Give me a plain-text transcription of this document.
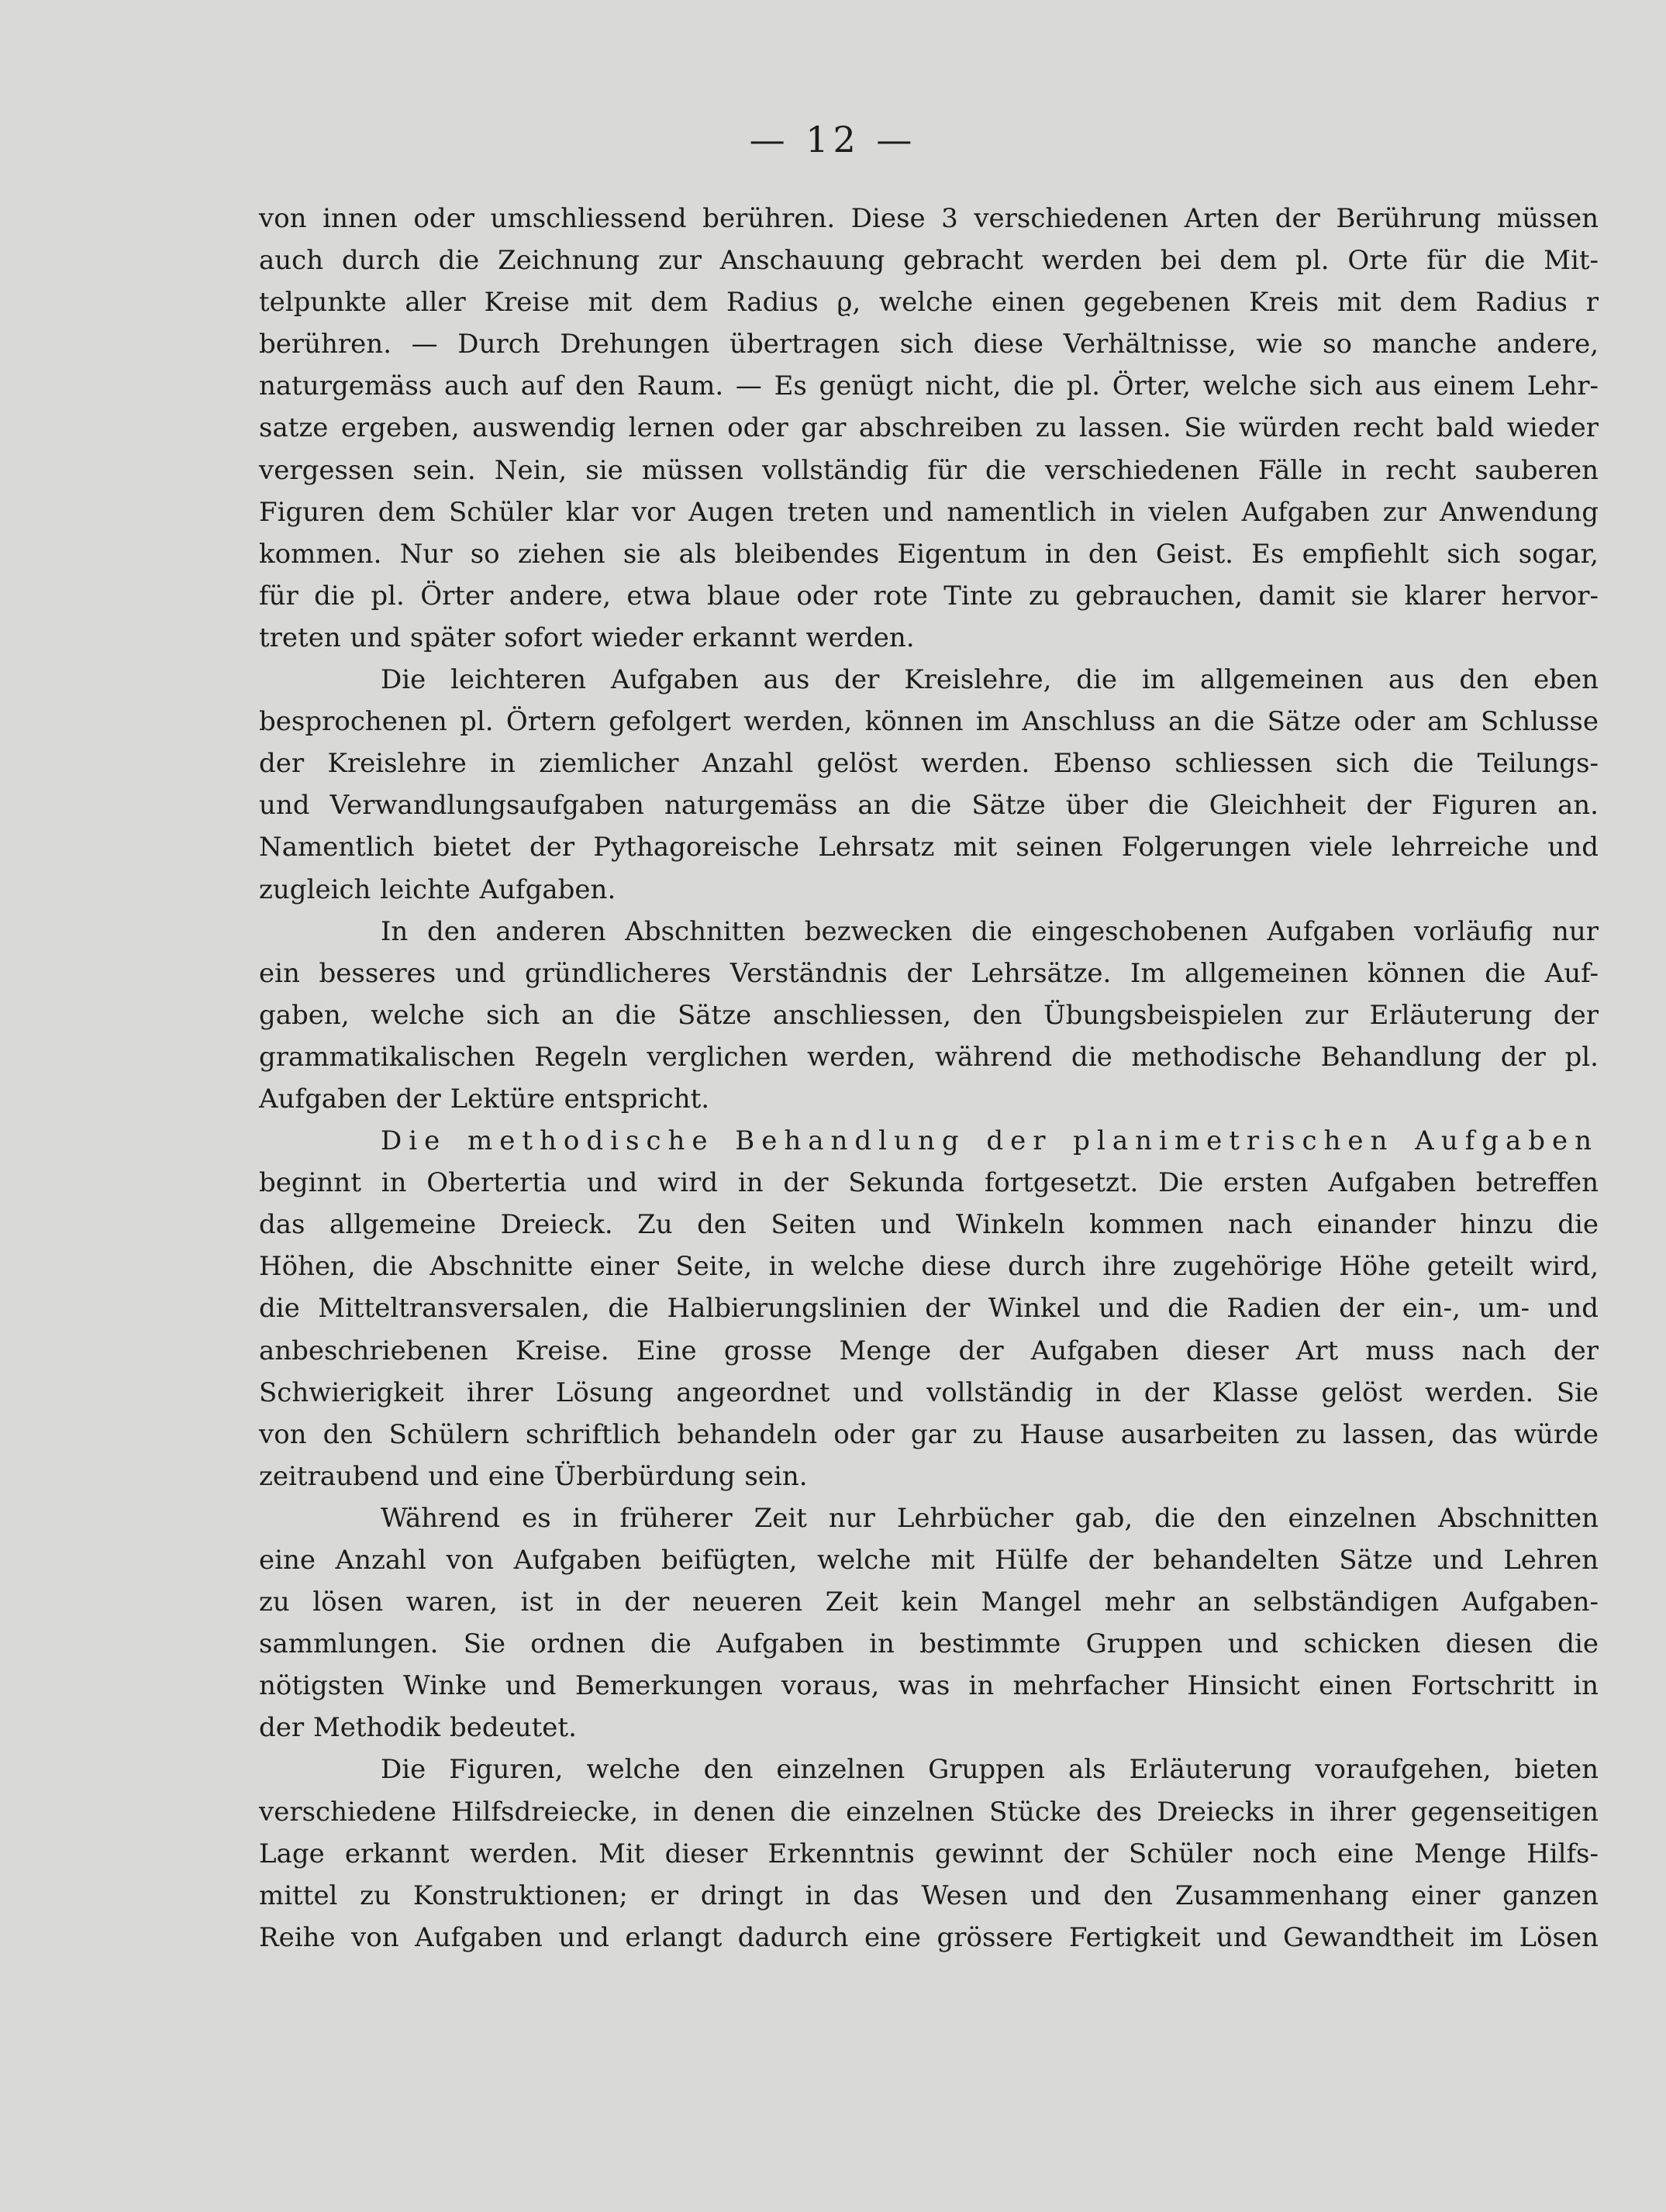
— 12 —
von innen oder umschliessend berühren. Diese 3 verschiedenen Arten der Berührung müssen
auch durch die Zeichnung zur Anschauung gebracht werden bei dem pl. Orte für die Mit-
telpunkte aller Kreise mit dem Radius ϱ, welche einen gegebenen Kreis mit dem Radius r
berühren. — Durch Drehungen übertragen sich diese Verhältnisse, wie so manche andere,
naturgemäss auch auf den Raum. — Es genügt nicht, die pl. Örter, welche sich aus einem Lehr-
satze ergeben, auswendig lernen oder gar abschreiben zu lassen. Sie würden recht bald wieder
vergessen sein. Nein, sie müssen vollständig für die verschiedenen Fälle in recht sauberen
Figuren dem Schüler klar vor Augen treten und namentlich in vielen Aufgaben zur Anwendung
kommen. Nur so ziehen sie als bleibendes Eigentum in den Geist. Es empfiehlt sich sogar,
für die pl. Örter andere, etwa blaue oder rote Tinte zu gebrauchen, damit sie klarer hervor-
treten und später sofort wieder erkannt werden.
Die leichteren Aufgaben aus der Kreislehre, die im allgemeinen aus den eben
besprochenen pl. Örtern gefolgert werden, können im Anschluss an die Sätze oder am Schlusse
der Kreislehre in ziemlicher Anzahl gelöst werden. Ebenso schliessen sich die Teilungs-
und Verwandlungsaufgaben naturgemäss an die Sätze über die Gleichheit der Figuren an.
Namentlich bietet der Pythagoreische Lehrsatz mit seinen Folgerungen viele lehrreiche und
zugleich leichte Aufgaben.
In den anderen Abschnitten bezwecken die eingeschobenen Aufgaben vorläufig nur
ein besseres und gründlicheres Verständnis der Lehrsätze. Im allgemeinen können die Auf-
gaben, welche sich an die Sätze anschliessen, den Übungsbeispielen zur Erläuterung der
grammatikalischen Regeln verglichen werden, während die methodische Behandlung der pl.
Aufgaben der Lektüre entspricht.
Die methodische Behandlung der planimetrischen Aufgaben
beginnt in Obertertia und wird in der Sekunda fortgesetzt. Die ersten Aufgaben betreffen
das allgemeine Dreieck. Zu den Seiten und Winkeln kommen nach einander hinzu die
Höhen, die Abschnitte einer Seite, in welche diese durch ihre zugehörige Höhe geteilt wird,
die Mitteltransversalen, die Halbierungslinien der Winkel und die Radien der ein-, um- und
anbeschriebenen Kreise. Eine grosse Menge der Aufgaben dieser Art muss nach der
Schwierigkeit ihrer Lösung angeordnet und vollständig in der Klasse gelöst werden. Sie
von den Schülern schriftlich behandeln oder gar zu Hause ausarbeiten zu lassen, das würde
zeitraubend und eine Überbürdung sein.
Während es in früherer Zeit nur Lehrbücher gab, die den einzelnen Abschnitten
eine Anzahl von Aufgaben beifügten, welche mit Hülfe der behandelten Sätze und Lehren
zu lösen waren, ist in der neueren Zeit kein Mangel mehr an selbständigen Aufgaben-
sammlungen. Sie ordnen die Aufgaben in bestimmte Gruppen und schicken diesen die
nötigsten Winke und Bemerkungen voraus, was in mehrfacher Hinsicht einen Fortschritt in
der Methodik bedeutet.
Die Figuren, welche den einzelnen Gruppen als Erläuterung voraufgehen, bieten
verschiedene Hilfsdreiecke, in denen die einzelnen Stücke des Dreiecks in ihrer gegenseitigen
Lage erkannt werden. Mit dieser Erkenntnis gewinnt der Schüler noch eine Menge Hilfs-
mittel zu Konstruktionen; er dringt in das Wesen und den Zusammenhang einer ganzen
Reihe von Aufgaben und erlangt dadurch eine grössere Fertigkeit und Gewandtheit im Lösen
